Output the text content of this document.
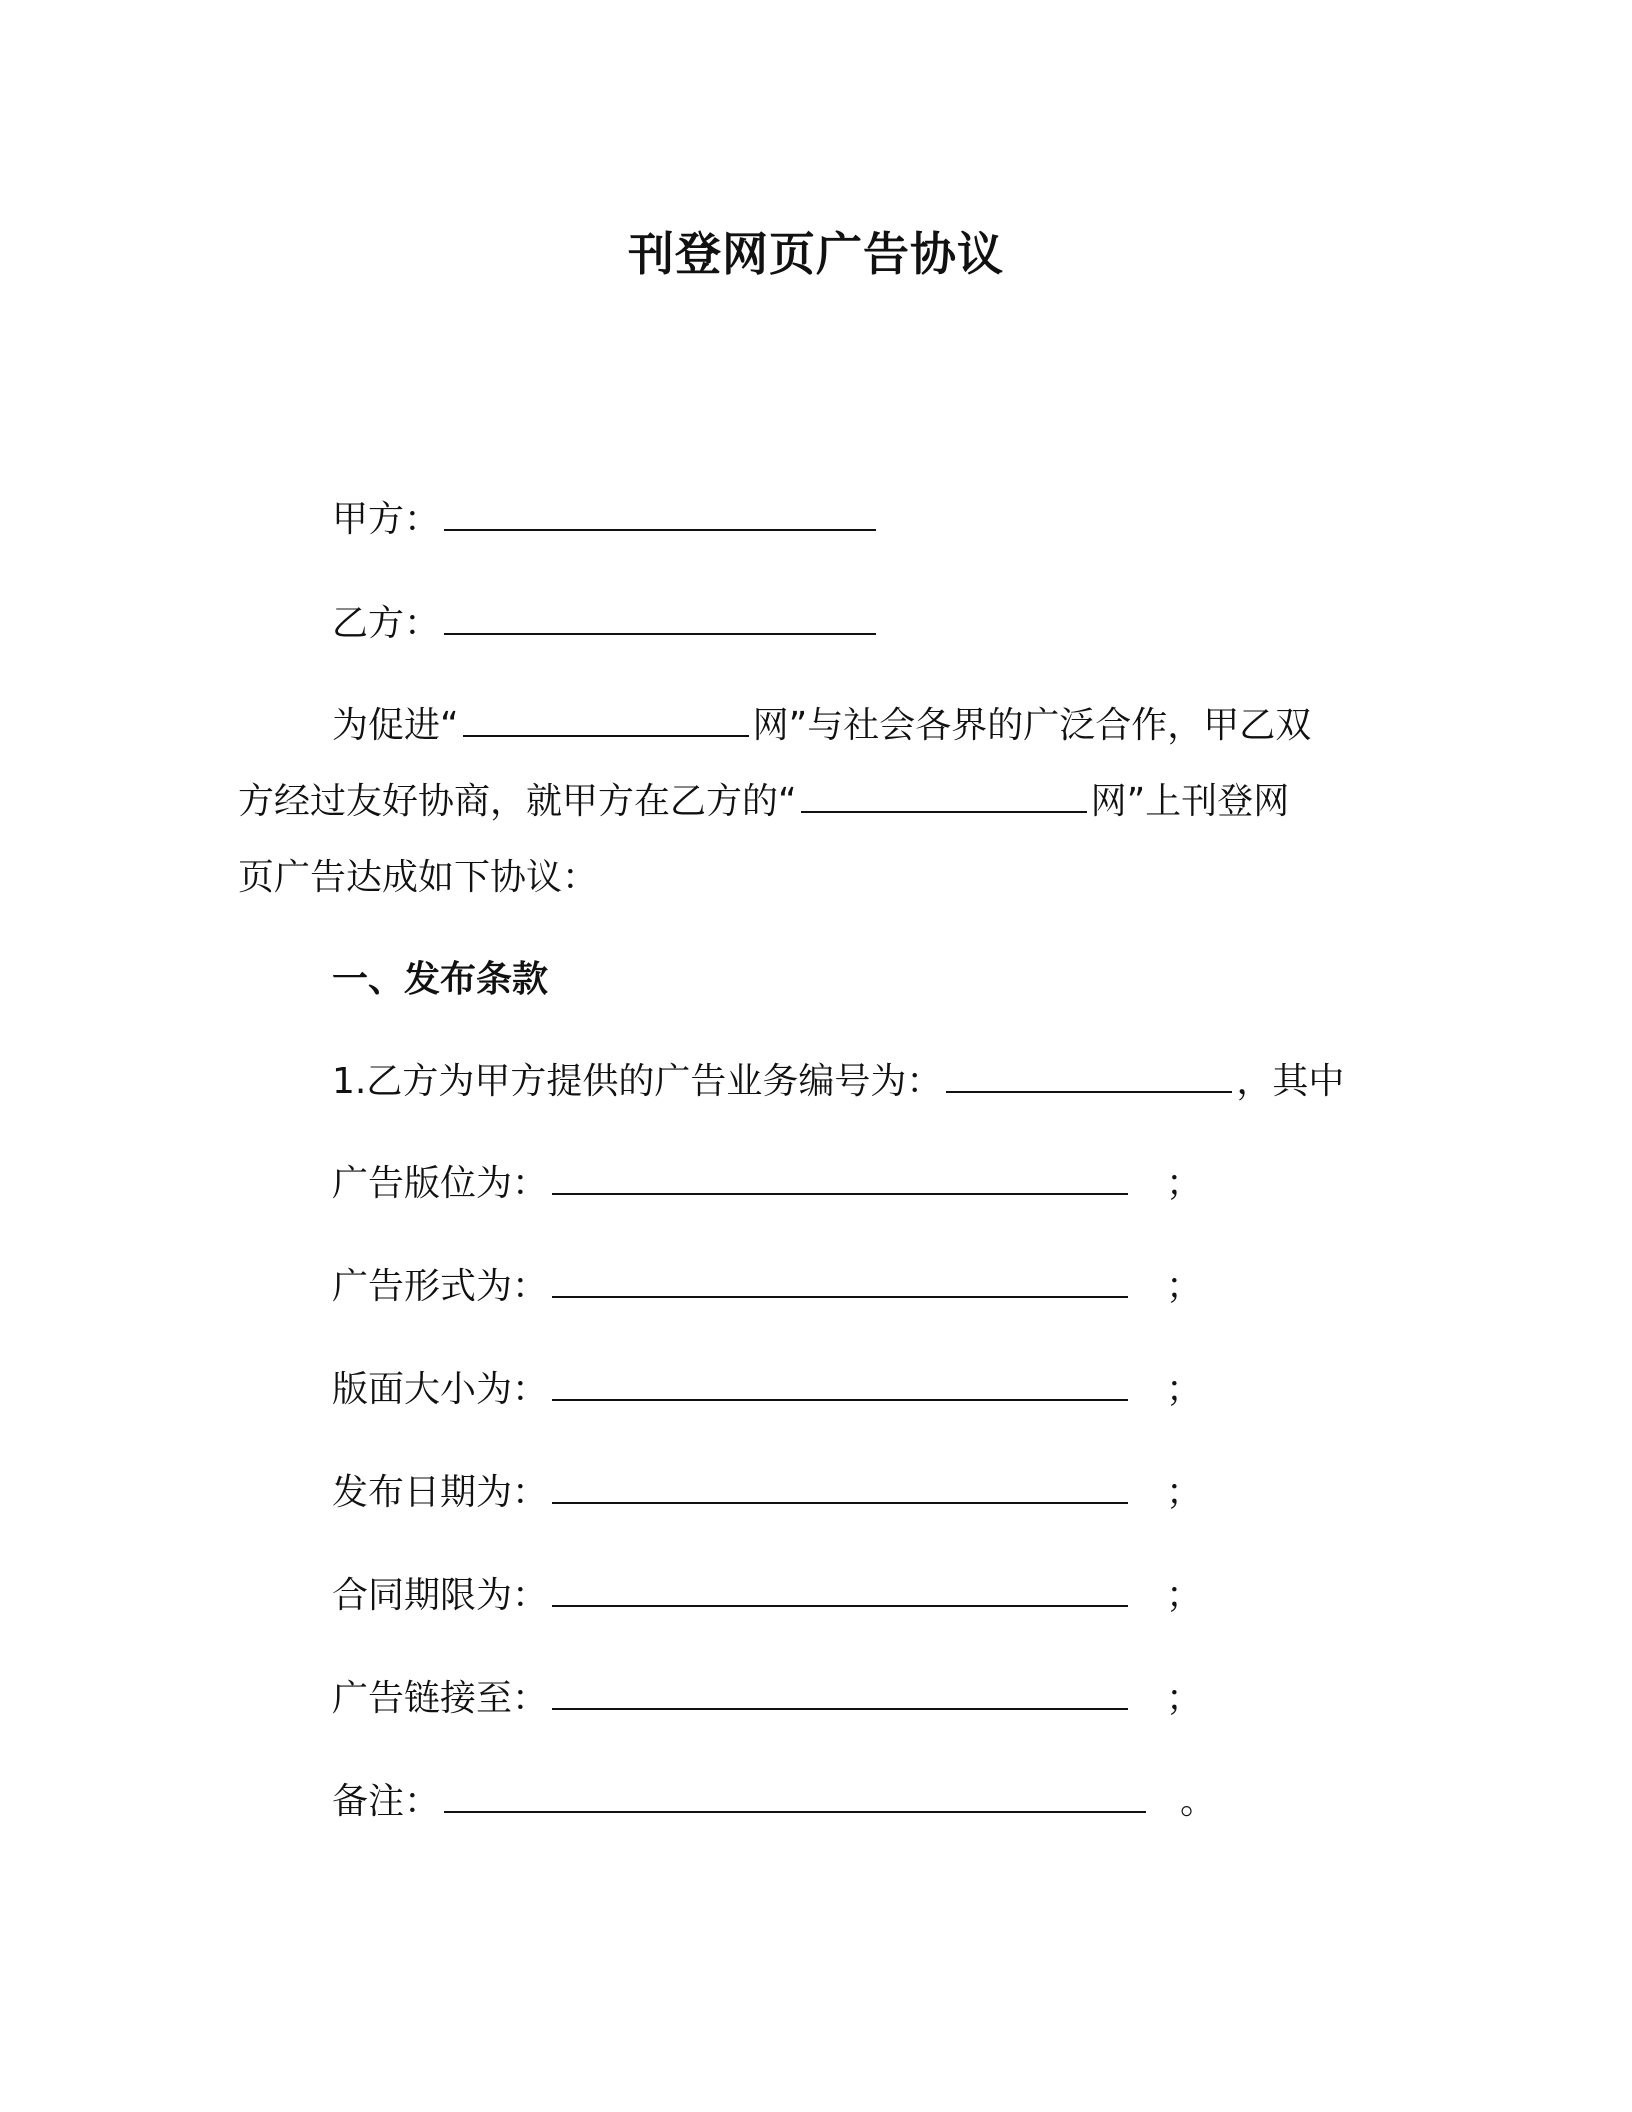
刊登网页广告协议
甲方：
乙方：
为促进“	网”与社会各界的广泛合作，甲乙双
方经过友好协商，就甲方在乙方的“	网”上刊登网
页广告达成如下协议：
一、发布条款
1.乙方为甲方提供的广告业务编号为：	，其中
广告版位为：	；
广告形式为：	；
版面大小为：	；
发布日期为：	；
合同期限为：	；
广告链接至：	；
备注：	。
